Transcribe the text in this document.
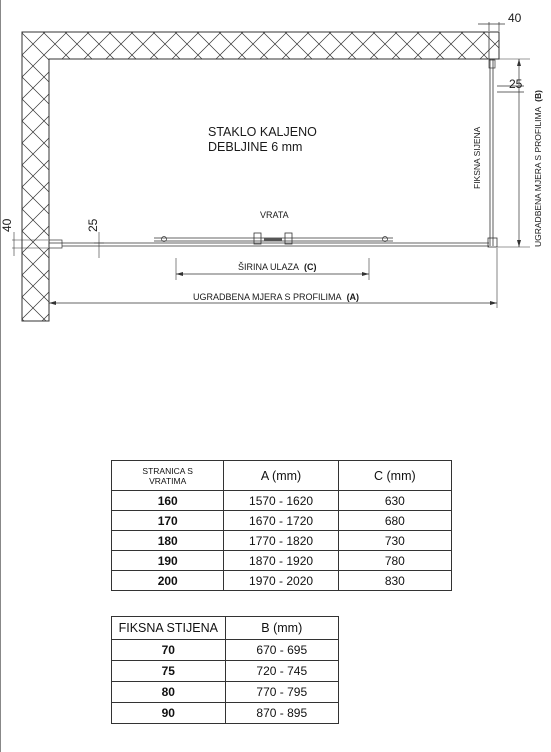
40
25
UGRADBENA MJERA S PROFILIMA (B)
FIKSNA SIJENA
STAKLO KALJENO
DEBLJINE 6 mm
VRATA
40	25
ŠIRINA ULAZA (C)
UGRADBENA MJERA S PROFILIMA (A)
STRANICA S
VRATIMA	A (mm)	C (mm)
160	1570 - 1620	630
170	1670 - 1720	680
180	1770 - 1820	730
190	1870 - 1920	780
200	1970 - 2020	830
FIKSNA STIJENA	B (mm)
70	670 - 695
75	720 - 745
80	770 - 795
90	870 - 895
